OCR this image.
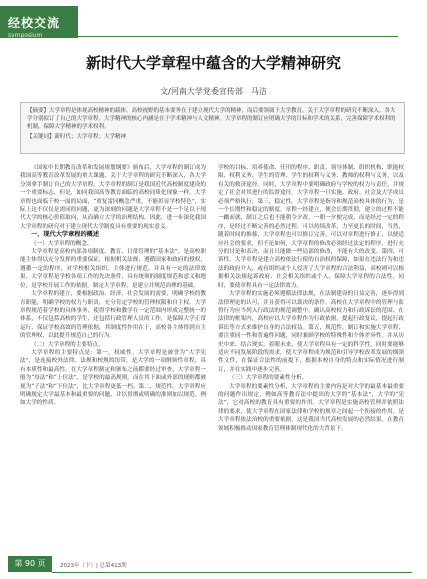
经校交流
symposium
新时代大学章程中蕴含的大学精神研究
文/河南大学党委宣传部　马洁

【摘要】大学章程是体现高校精神的载体。高校视野的基本要务在于建立现代大学的精神，而后要领属于大学教育，关于大学章程的研究不断深入。各大学分别拟订了自己的大学章程。大学精神的核心内涵是在于学术精神与人文精神。大学章程的制订应明确大学的目标和学术的关系，完善保障学术权利的机制，保障大学精神的学术权利。

【关键词】新时代；大学章程；大学精神

《国家中长期教育改革和发展规划纲要》颁布后，大学章程的制订成为我国高等教育改革发展的重大课题，关于大学章程的研究不断深入，各大学分别拿手制订自己的大学章程。大学章程的制订是我国近代高校制度建设的一个重要标志，但是，如同我国高等教育面临的高校同质化现象一样，大学章程也面临千校一面的局面，“重复雷同概念严重，不能彰显学校特色”，实际上这不仅仅是需同的问题，更为深刻的问题是大学章程不是一个足以于现代大学的核心价值取向，从而确立大学的治理结构。因此，进一步深化我国大学章程的研究对于建立现代大学制度具有重要的现实意义。

一、现代大学章程的概述

（一）大学章程的概念。

大学章程是高校内部各项制度、教育、日常管理的“基本法”，是高校职能主体得以充分发挥的重要保证，根据相关法规、遵循国家和政府的授权，遵循一定的程序，对学校相关组织、主体进行规范，并具有一定的法律效果。大学章程是学校各项工作的先决条件，具有统领的制度规范和意义和地位，是学校开展工作的依据，制定大学章程，是建立并规范治理的基础。

大学章程的建立，要根据政治、经济、社会发展的需要，明确学校的教育职能，明确学校的权力与职责，充分肯定学校的管理权限和自主权，大学章程规范着学校的具体事务，使得学校和教学在一定范围内形成完整统一的体系，不仅包括高校的学生，还包括行政管理人员的工作，是保障大学正常运行、保证学校高效的管理依据，其制度性作用在于，高校各主体得到自主的管理权，以此提升规范自己的行为。

（二）大学章程的主要特点。

大学章程的主要特点是：第一，权威性。大学章程是被誉为“大学宪法”，是连接校外法律、法规和校规的纽带，是大学的一项纲领性章程，具有本质性和最高性。在大学章程制定和颁布之前都要经过审查，大学章程一般为“母法”和“上位法”，是学校的最高规则。而在其下面或外部的规则都被视为“子法”和“下位法”，比大学章程更低一档。第二，规范性。大学章程应明确规定大学最基本和最重要的问题，并以贯彻或明确的准则加以规范。例如大学的性质、

学校的目标、培养使命、任用的程序、职责、领导体制、组织机构、职能权限、权利义务、学生的管理、学生的权利与义务、教师的权利与义务，以及有关的救济途径。同时，大学章程中要明确政府与学校的权力与责任，并规定了社会对其进行的监督途径。大学章程一旦实施，政府、社会及大学成员必须严格执行，第三，稳定性。大学章程是指导和规范高校具体的行为，是一个长期性和稳定的制度。章程一经建立，便会长期贯彻，建立的过程不能一蹴而就，制订之后也不能朝令夕改，一朝一夕便完成，而是经过一定的程序，是经过不断完善的必然过程。可以持续改革，力至更长的时间，当然，随着时间的推移，大学章程也可以修订完善，可以对章程进行修正，以便适应社会的要求，但不论如何，大学章程的修改必须经过法定的程序，进行充分的讨论和表决，而且只能做一些局部的修改，不能有大的改变。第四，可诉性。大学章程是建立高校依法行使的自治权的保障，如果在违法行为和违法的政府介入，或有组织或个人侵害了大学章程的合法利益，高校则可以根据相关法规起诉政府、社会相关组织或个人，保障大学章程的合法性，同时，要使章程具有一定法律效力。

大学章程的实施必须遵循法律法规，在法制建设的日益完善，逐步得到法律理论的认可，并且获得可以裁决的条件。高校在大学章程中的管理与监督行为应当列入行政法的规范调整中，确认高校权力和行政诉讼的范围。在法律的框架内，高校应以大学章程作为行政依据，提起行政复议，提起行政诉讼等方式来维护自身的合法权益。第五，规范性。制订和实施大学章程，要注重同一性和普遍性问题，同时兼顾学校的特殊性和个体差异性。并从历史中来、结合现实、着眼未来，使大学章程具有一定的科学性，同时要能够适应不同发展阶段的需求，使大学章程成为规范和引导学校改革发展的纲领性文件，在保证合法性的前提下，根据本校自身的特点和实际情况进行制订，并在实践中逐步完善。

（三）大学章程的要素性分析。

大学章程的要素性分析，大学章程的主要内容是对大学的最基本最重要的问题作出规定，例如高等教育法中提出的大学的“基本法”，大学的“宪法”，它对高校的教育具有重要的作用。大学章程是实施高校管理并依照法律的要求，使大学章程在国家法律和学校的规章之间起一个衔接的作用，是大学章程依法治校的重要依据，这是我国当代高校发展的必然结果。在教育领域积极推动国家教育管理体制现代化的大背景下。

第 90 页	2023年（下）| 总第413期
